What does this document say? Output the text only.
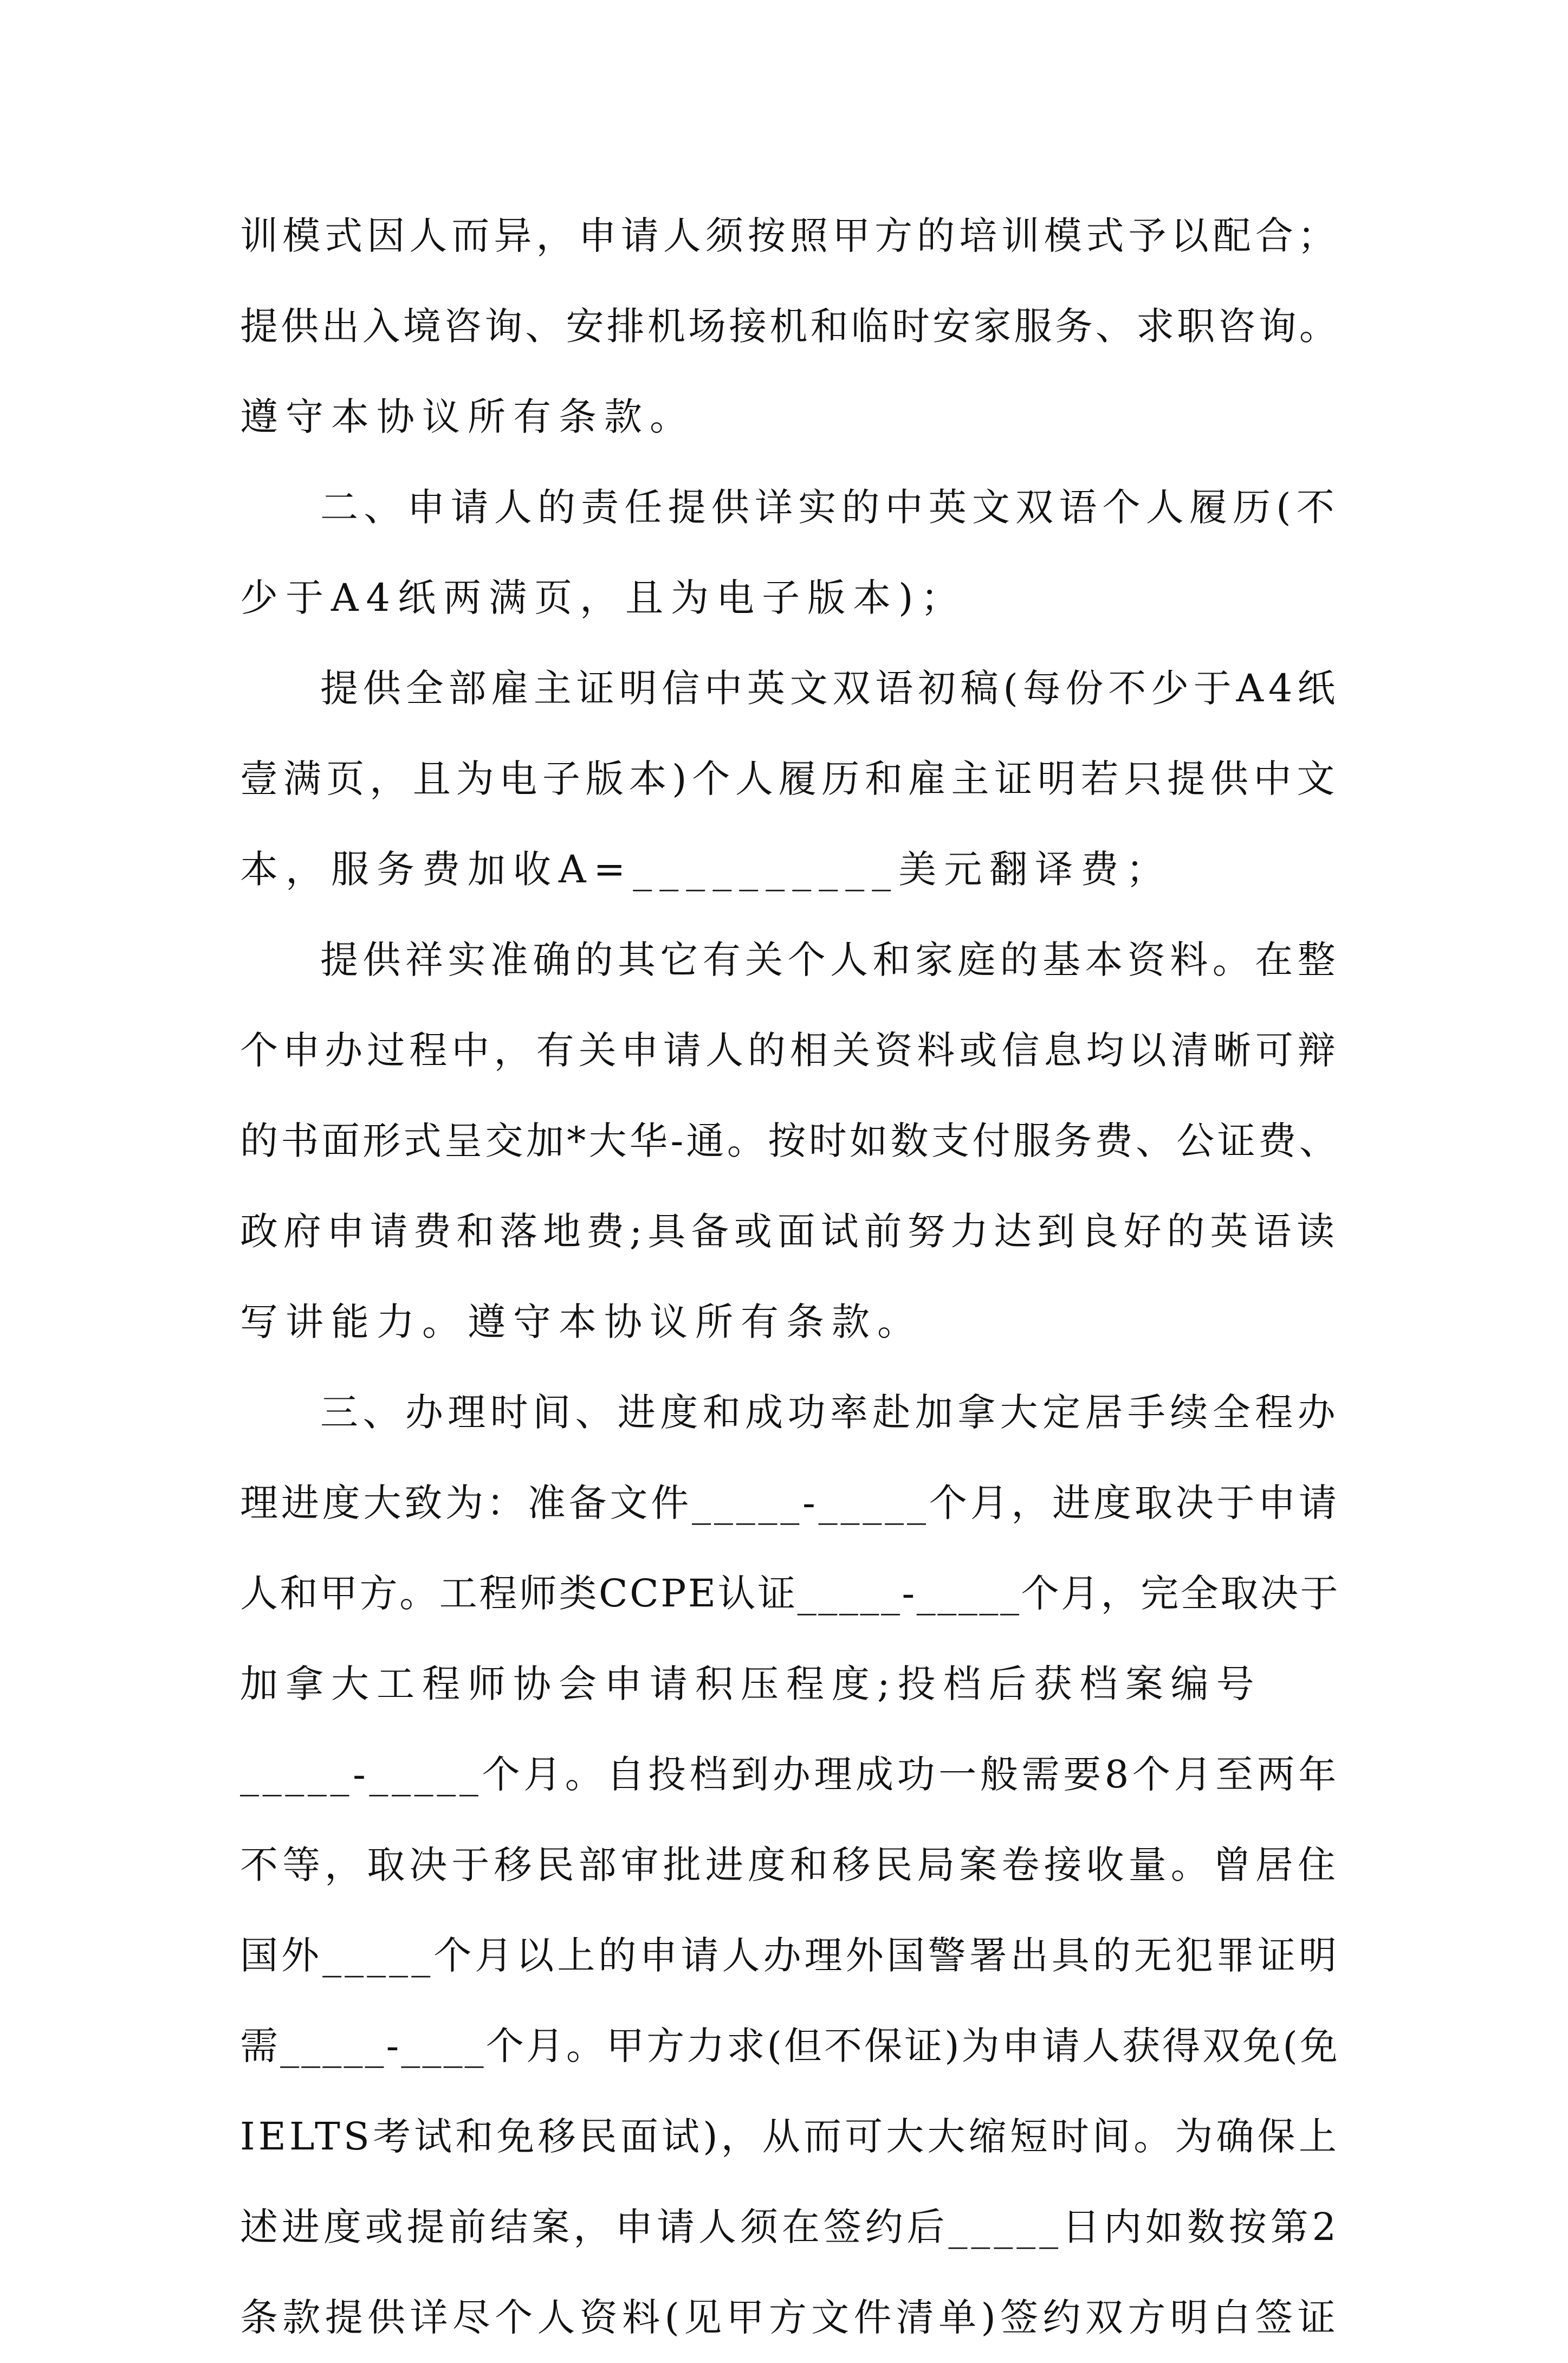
训模式因人而异，申请人须按照甲方的培训模式予以配合；
提供出入境咨询、安排机场接机和临时安家服务、求职咨询。
遵守本协议所有条款。
二、申请人的责任提供详实的中英文双语个人履历(不
少于A4纸两满页，且为电子版本)；
提供全部雇主证明信中英文双语初稿(每份不少于A4纸
壹满页，且为电子版本)个人履历和雇主证明若只提供中文
本，服务费加收A=__________美元翻译费；
提供祥实准确的其它有关个人和家庭的基本资料。在整
个申办过程中，有关申请人的相关资料或信息均以清晰可辩
的书面形式呈交加*大华-通。按时如数支付服务费、公证费、
政府申请费和落地费;具备或面试前努力达到良好的英语读
写讲能力。遵守本协议所有条款。
三、办理时间、进度和成功率赴加拿大定居手续全程办
理进度大致为：准备文件_____-_____个月，进度取决于申请
人和甲方。工程师类CCPE认证_____-_____个月，完全取决于
加拿大工程师协会申请积压程度;投档后获档案编号
_____-_____个月。自投档到办理成功一般需要8个月至两年
不等，取决于移民部审批进度和移民局案卷接收量。曾居住
国外_____个月以上的申请人办理外国警署出具的无犯罪证明
需_____-____个月。甲方力求(但不保证)为申请人获得双免(免
IELTS考试和免移民面试)，从而可大大缩短时间。为确保上
述进度或提前结案，申请人须在签约后_____日内如数按第2
条款提供详尽个人资料(见甲方文件清单)签约双方明白签证
